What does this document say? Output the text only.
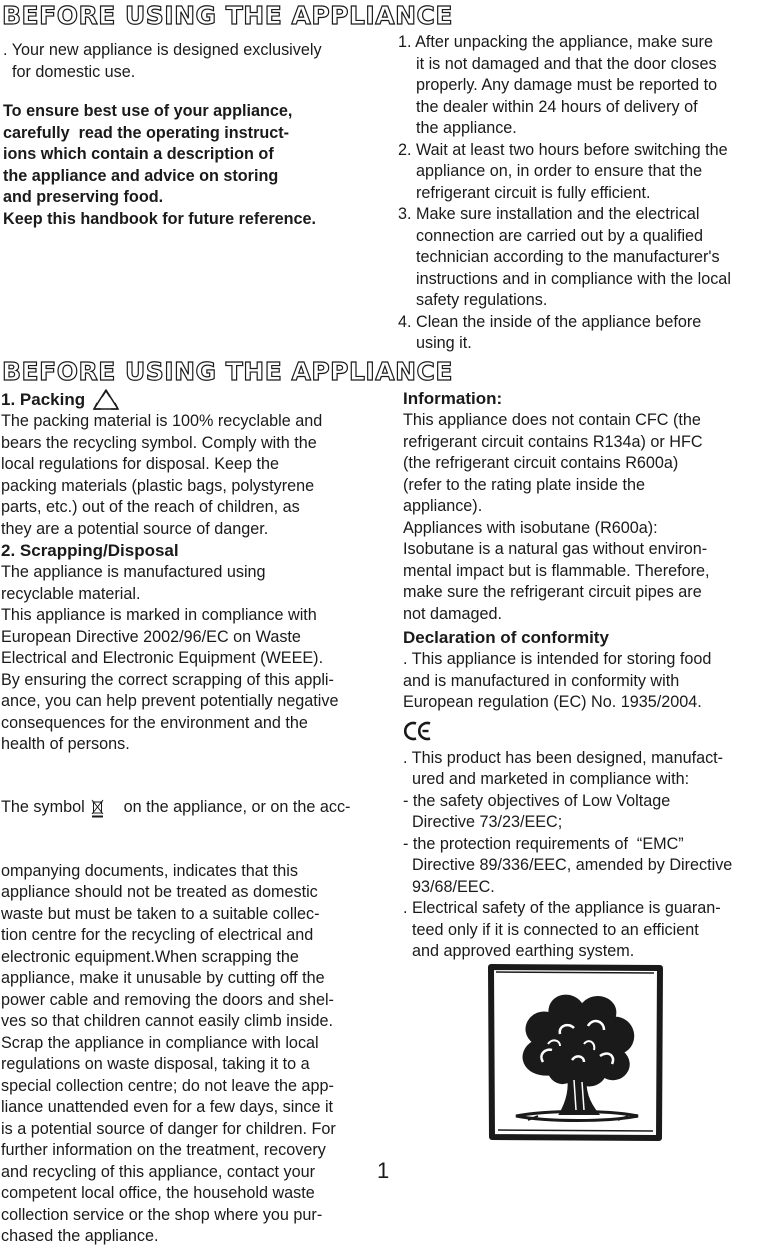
BEFORE USING THE APPLIANCE
. Your new appliance is designed exclusively
for domestic use.
To ensure best use of your appliance,
carefully  read the operating instruct-
ions which contain a description of
the appliance and advice on storing
and preserving food.
Keep this handbook for future reference.
1. After unpacking the appliance, make sure
it is not damaged and that the door closes
properly. Any damage must be reported to
the dealer within 24 hours of delivery of
the appliance.
2. Wait at least two hours before switching the
appliance on, in order to ensure that the
refrigerant circuit is fully efficient.
3. Make sure installation and the electrical
connection are carried out by a qualified
technician according to the manufacturer's
instructions and in compliance with the local
safety regulations.
4. Clean the inside of the appliance before
using it.
BEFORE USING THE APPLIANCE
1. Packing
The packing material is 100% recyclable and
bears the recycling symbol. Comply with the
local regulations for disposal. Keep the
packing materials (plastic bags, polystyrene
parts, etc.) out of the reach of children, as
they are a potential source of danger.
2. Scrapping/Disposal
The appliance is manufactured using
recyclable material.
This appliance is marked in compliance with
European Directive 2002/96/EC on Waste
Electrical and Electronic Equipment (WEEE).
By ensuring the correct scrapping of this appli-
ance, you can help prevent potentially negative
consequences for the environment and the
health of persons.
The symbol

on the appliance, or on the acc-
ompanying documents, indicates that this
appliance should not be treated as domestic
waste but must be taken to a suitable collec-
tion centre for the recycling of electrical and
electronic equipment.When scrapping the
appliance, make it unusable by cutting off the
power cable and removing the doors and shel-
ves so that children cannot easily climb inside.
Scrap the appliance in compliance with local
regulations on waste disposal, taking it to a
special collection centre; do not leave the app-
liance unattended even for a few days, since it
is a potential source of danger for children. For
further information on the treatment, recovery
and recycling of this appliance, contact your
competent local office, the household waste
collection service or the shop where you pur-
chased the appliance.
Information:
This appliance does not contain CFC (the
refrigerant circuit contains R134a) or HFC
(the refrigerant circuit contains R600a)
(refer to the rating plate inside the
appliance).
Appliances with isobutane (R600a):
Isobutane is a natural gas without environ-
mental impact but is flammable. Therefore,
make sure the refrigerant circuit pipes are
not damaged.
Declaration of conformity
. This appliance is intended for storing food
and is manufactured in conformity with
European regulation (EC) No. 1935/2004.
. This product has been designed, manufact-
ured and marketed in compliance with:
- the safety objectives of Low Voltage
Directive 73/23/EEC;
- the protection requirements of  “EMC”
Directive 89/336/EEC, amended by Directive
93/68/EEC.
. Electrical safety of the appliance is guaran-
teed only if it is connected to an efficient
and approved earthing system.
1
